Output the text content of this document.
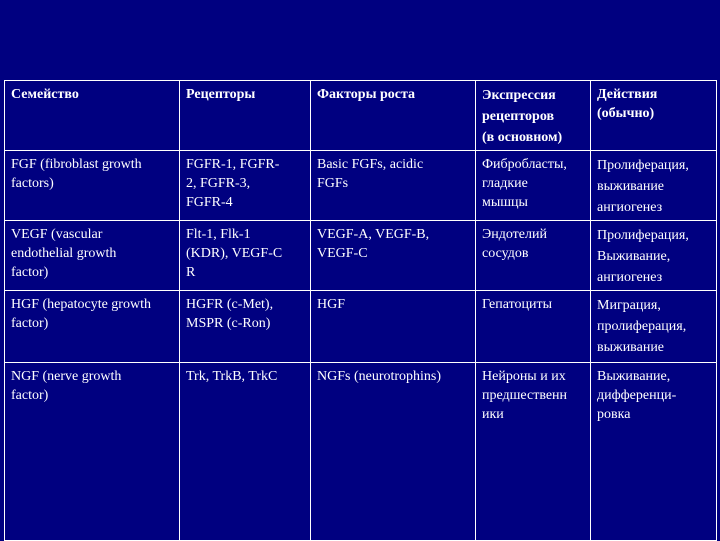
Семейство	Рецепторы	Факторы роста	Экспрессия
рецепторов
(в основном)	Действия
(обычно)

FGF (fibroblast growth
factors)	FGFR-1, FGFR-
2, FGFR-3,
FGFR-4	Basic FGFs, acidic
FGFs	Фибробласты,
гладкие
мышцы	Пролиферация,
выживание
ангиогенез

VEGF (vascular
endothelial growth
factor)	Flt-1, Flk-1
(KDR), VEGF-C
R	VEGF-A, VEGF-B,
VEGF-C	Эндотелий
сосудов	Пролиферация,
Выживание,
ангиогенез

HGF (hepatocyte growth
factor)	HGFR (c-Met),
MSPR (c-Ron)	HGF	Гепатоциты	Миграция,
пролиферация,
выживание

NGF (nerve growth
factor)	Trk, TrkB, TrkC	NGFs (neurotrophins)	Нейроны и их
предшественн
ики	Выживание,
дифференци-
ровка
